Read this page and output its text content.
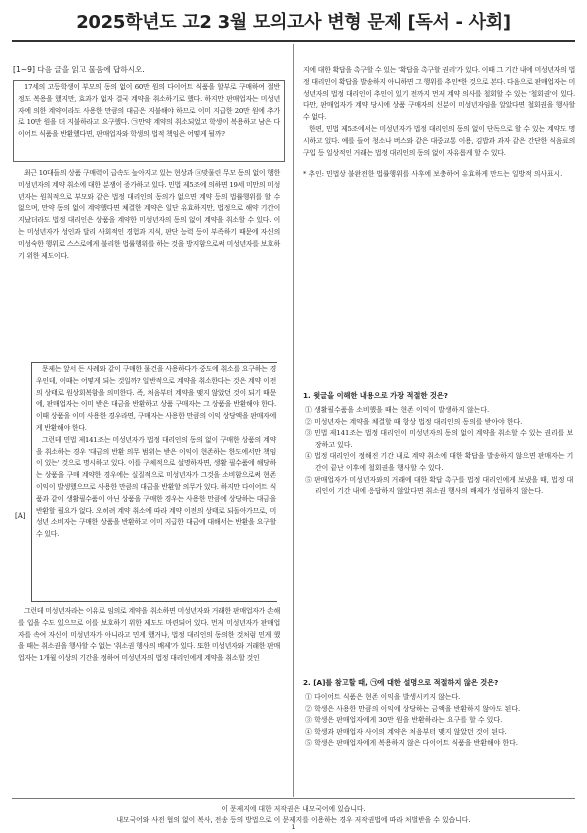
2025학년도 고2 3월 모의고사 변형 문제 [독서 - 사회]
[1~9] 다음 글을 읽고 물음에 답하시오.

17세의 고등학생이 부모의 동의 없이 60만 원의 다이어트 식품을 할부로 구매하여 절반 정도 복용을 했지만, 효과가 없자 결국 계약을 취소하기로 했다. 하지만 판매업자는 미성년자에 의한 계약이라도 사용한 만큼의 대금은 지불해야 하므로 이미 지급한 20만 원에 추가로 10만 원을 더 지불하라고 요구했다. ㉠만약 계약의 취소되었고 학생이 복용하고 남은 다이어트 식품을 반환했다면, 판매업자와 학생의 법적 책임은 어떻게 될까?

최근 10대들의 상품 구매력이 급속도 높아지고 있는 현상과 ⓐ맞물린 무모 동의 없이 행한 미성년자의 계약 취소에 대한 분쟁이 증가하고 있다. 민법 제5조에 의하면 19세 미만의 미성년자는 원칙적으로 부모와 같은 법정 대리인의 동의가 없으면 계약 등의 법률행위를 할 수 없으며, 만약 동의 없이 계약했다면 체결한 계약은 일단 유효하지만, 법정으로 해약 기간이 지났더라도 법정 대리인은 상품을 계약한 미성년자의 동의 없이 계약을 취소할 수 있다. 이는 미성년자가 성인과 달리 사회적인 경험과 지식, 판단 능력 등이 부족하기 때문에 자신의 미성숙한 행위로 스스로에게 불리한 법률행위를 하는 것을 방지함으로써 미성년자를 보호하기 위한 제도이다.

[A]

문제는 앞서 든 사례와 같이 구매한 물건을 사용하다가 중도에 취소를 요구하는 경우인데, 이때는 어떻게 되는 것일까? 일반적으로 계약을 취소한다는 것은 계약 이전의 상태로 원상회복함을 의미한다. 즉, 처음부터 계약을 맺지 않았던 것이 되기 때문에, 판매업자는 이미 받은 대금을 반환하고 상품 구매자는 그 상품을 반환해야 한다. 이때 상품을 이미 사용한 경우라면, 구매자는 사용한 만큼의 이익 상당액을 판매자에게 반환해야 한다.

그런데 민법 제141조는 미성년자가 법정 대리인의 동의 없이 구매한 상품의 계약을 취소하는 경우 '대금의 반환 의무 범위는 받은 이익이 현존하는 한도에서만 책임이 있는' 것으로 명시하고 있다. 이를 구체적으로 설명하자면, 생활 필수품에 해당하는 상품을 구매 계약한 경우에는 실질적으로 미성년자가 그것을 소비함으로써 현존 이익이 발생했으므로 사용한 만큼의 대금을 반환할 의무가 있다. 하지만 다이어트 식품과 같이 생활필수품이 아닌 상품을 구매한 경우는 사용한 만큼에 상당하는 대금을 반환할 필요가 없다. 오히려 계약 취소에 따라 계약 이전의 상태로 되돌아가므로, 미성년 소비자는 구매한 상품을 반환하고 이미 지급한 대금에 대해서는 반환을 요구할 수 있다.

그런데 미성년자라는 이유로 임의로 계약을 취소하면 미성년자와 거래한 판매업자가 손해를 입을 수도 있으므로 이를 보호하기 위한 제도도 마련되어 있다. 먼저 미성년자가 판매업자를 속여 자신이 미성년자가 아니라고 민게 했거나, 법정 대리인의 동의한 것처럼 민게 했을 때는 취소권을 행사할 수 없는 '취소권 행사의 배제'가 있다. 또한 미성년자와 거래한 판매업자는 1개월 이상의 기간을 정하여 미성년자의 법정 대리인에게 계약을 취소할 것인

지에 대한 확답을 촉구할 수 있는 '확답을 촉구할 권리'가 있다. 이때 그 기간 내에 미성년자의 법정 대리인이 확답을 발송하지 아니하면 그 행위를 추인*한 것으로 본다. 다음으로 판매업자는 미성년자의 법정 대리인이 추인이 있기 전까지 먼저 계약 의사를 철회할 수 있는 '철회권'이 있다. 다만, 판매업자가 계약 당시에 상품 구매자의 신분이 미성년자임을 알았다면 철회권을 행사할 수 없다.

한편, 민법 제5조에서는 미성년자가 법정 대리인의 동의 없이 단독으로 할 수 있는 계약도 명시하고 있다. 예를 들어 청소나 버스와 같은 대중교통 이용, 김밥과 과자 같은 간단한 식음료의 구입 등 일상적인 거래는 법정 대리인의 동의 없이 자유롭게 할 수 있다.

* 추인: 민법상 불완전한 법률행위를 사후에 보충하여 유효하게 만드는 일방적 의사표시.
1. 윗글을 이해한 내용으로 가장 적절한 것은?
① 생활필수품을 소비했을 때는 현존 이익이 발생하지 않는다.
② 미성년자는 계약을 체결할 때 항상 법정 대리인의 동의를 받아야 한다.
③ 민법 제141조는 법정 대리인이 미성년자의 동의 없이 계약을 취소할 수 있는 권리를 보장하고 있다.
④ 법정 대리인이 정해진 기간 내로 계약 취소에 대한 확답을 발송하지 않으면 판매자는 기간이 끝난 이후에 철회권을 행사할 수 있다.
⑤ 판매업자가 미성년자와의 거래에 대한 확답 촉구를 법정 대리인에게 보냈을 때, 법정 대리인이 기간 내에 응답하지 않았다면 취소권 행사의 배제가 성립하지 않는다.
2. [A]를 참고할 때, ㉠에 대한 설명으로 적절하지 않은 것은?
① 다이어트 식품은 현존 이익을 발생시키지 않는다.
② 학생은 사용한 만큼의 이익에 상당하는 금액을 반환하지 않아도 된다.
③ 학생은 판매업자에게 30만 원을 반환하라는 요구를 할 수 있다.
④ 학생과 판매업자 사이의 계약은 처음부터 맺지 않았던 것이 된다.
⑤ 학생은 판매업자에게 복용하지 않은 다이어트 식품을 반환해야 한다.
이 문제지에 대한 저작권은 내모국어에 있습니다.
내모국어와 사전 협의 없이 복사, 전송 등의 방법으로 이 문제지를 이용하는 경우 저작권법에 따라 처벌받을 수 있습니다.
1
